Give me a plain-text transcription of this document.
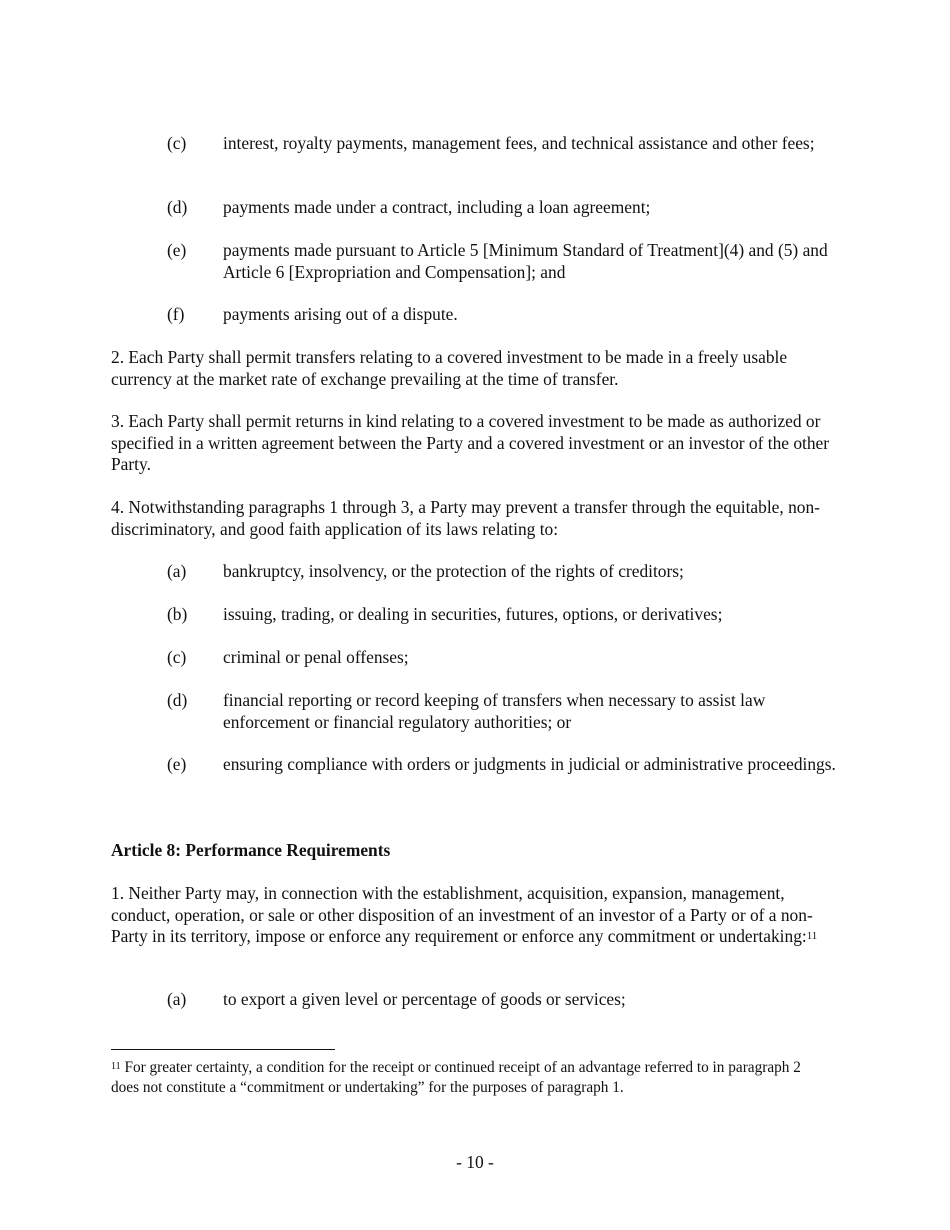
(c) interest, royalty payments, management fees, and technical assistance and other fees;
(d) payments made under a contract, including a loan agreement;
(e) payments made pursuant to Article 5 [Minimum Standard of Treatment](4) and (5) and Article 6 [Expropriation and Compensation]; and
(f) payments arising out of a dispute.
2. Each Party shall permit transfers relating to a covered investment to be made in a freely usable currency at the market rate of exchange prevailing at the time of transfer.
3. Each Party shall permit returns in kind relating to a covered investment to be made as authorized or specified in a written agreement between the Party and a covered investment or an investor of the other Party.
4. Notwithstanding paragraphs 1 through 3, a Party may prevent a transfer through the equitable, non-discriminatory, and good faith application of its laws relating to:
(a) bankruptcy, insolvency, or the protection of the rights of creditors;
(b) issuing, trading, or dealing in securities, futures, options, or derivatives;
(c) criminal or penal offenses;
(d) financial reporting or record keeping of transfers when necessary to assist law enforcement or financial regulatory authorities; or
(e) ensuring compliance with orders or judgments in judicial or administrative proceedings.
Article 8: Performance Requirements
1. Neither Party may, in connection with the establishment, acquisition, expansion, management, conduct, operation, or sale or other disposition of an investment of an investor of a Party or of a non-Party in its territory, impose or enforce any requirement or enforce any commitment or undertaking:$^{11}$
(a) to export a given level or percentage of goods or services;
$^{11}$ For greater certainty, a condition for the receipt or continued receipt of an advantage referred to in paragraph 2 does not constitute a “commitment or undertaking” for the purposes of paragraph 1.
- 10 -
